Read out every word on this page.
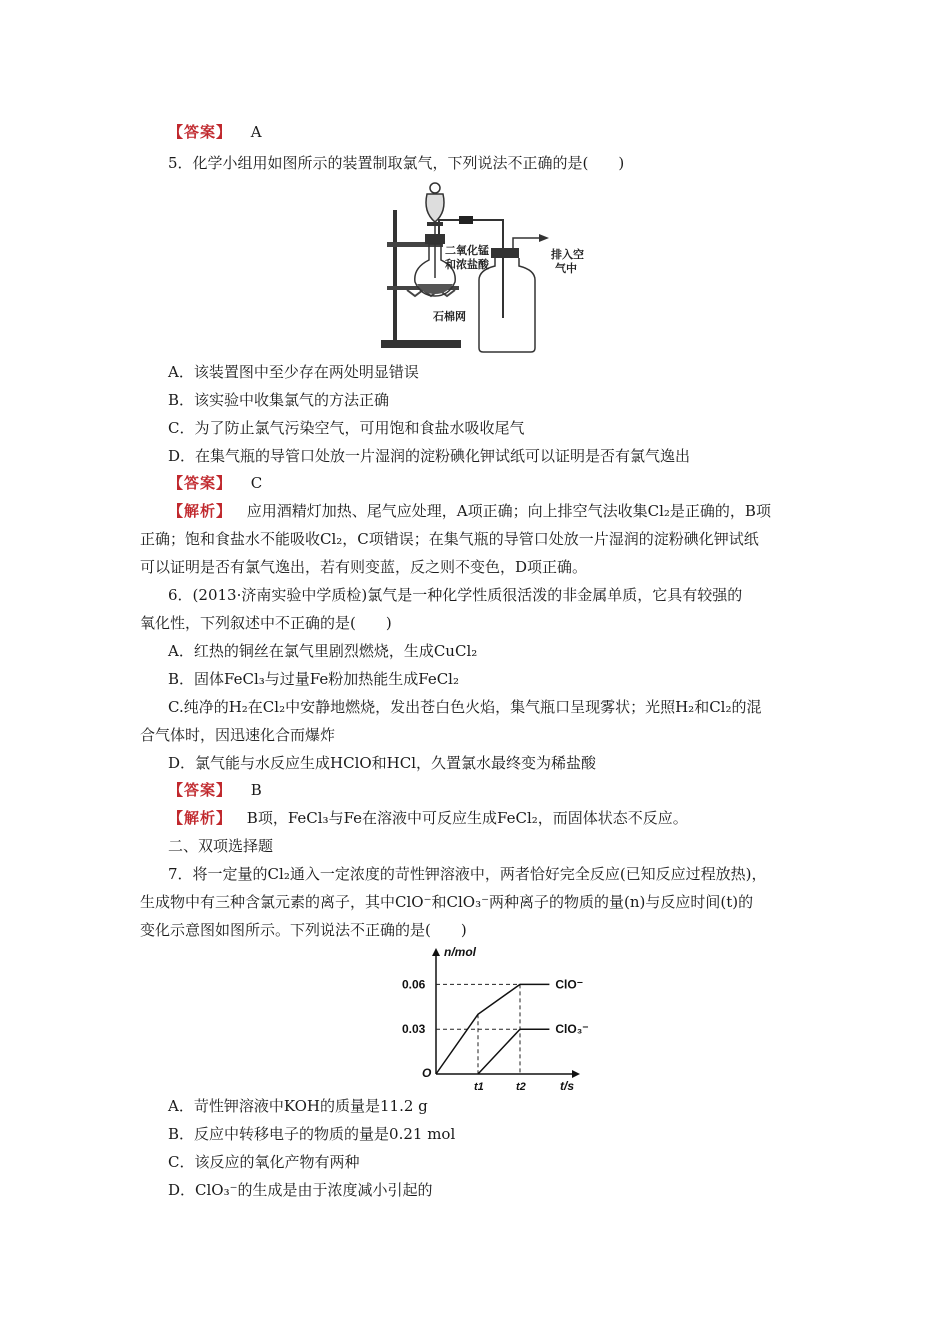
【答案】 A
5．化学小组用如图所示的装置制取氯气，下列说法不正确的是(　　)
二氧化锰
和浓盐酸
排入空
气中
石棉网
A．该装置图中至少存在两处明显错误
B．该实验中收集氯气的方法正确
C．为了防止氯气污染空气，可用饱和食盐水吸收尾气
D．在集气瓶的导管口处放一片湿润的淀粉碘化钾试纸可以证明是否有氯气逸出
【答案】 C
【解析】 应用酒精灯加热、尾气应处理，A项正确；向上排空气法收集Cl₂是正确的，B项
正确；饱和食盐水不能吸收Cl₂，C项错误；在集气瓶的导管口处放一片湿润的淀粉碘化钾试纸
可以证明是否有氯气逸出，若有则变蓝，反之则不变色，D项正确。
6．(2013·济南实验中学质检)氯气是一种化学性质很活泼的非金属单质，它具有较强的
氧化性，下列叙述中不正确的是(　　)
A．红热的铜丝在氯气里剧烈燃烧，生成CuCl₂
B．固体FeCl₃与过量Fe粉加热能生成FeCl₂
C.纯净的H₂在Cl₂中安静地燃烧，发出苍白色火焰，集气瓶口呈现雾状；光照H₂和Cl₂的混
合气体时，因迅速化合而爆炸
D．氯气能与水反应生成HClO和HCl，久置氯水最终变为稀盐酸
【答案】 B
【解析】 B项，FeCl₃与Fe在溶液中可反应生成FeCl₂，而固体状态不反应。
二、双项选择题
7．将一定量的Cl₂通入一定浓度的苛性钾溶液中，两者恰好完全反应(已知反应过程放热)，
生成物中有三种含氯元素的离子，其中ClO⁻和ClO₃⁻两种离子的物质的量(n)与反应时间(t)的
变化示意图如图所示。下列说法不正确的是(　　)
n/mol
t/s
O
0.03
0.06
t1	t2
ClO⁻
ClO₃⁻
A．苛性钾溶液中KOH的质量是11.2 g
B．反应中转移电子的物质的量是0.21 mol
C．该反应的氧化产物有两种
D．ClO₃⁻的生成是由于浓度减小引起的
